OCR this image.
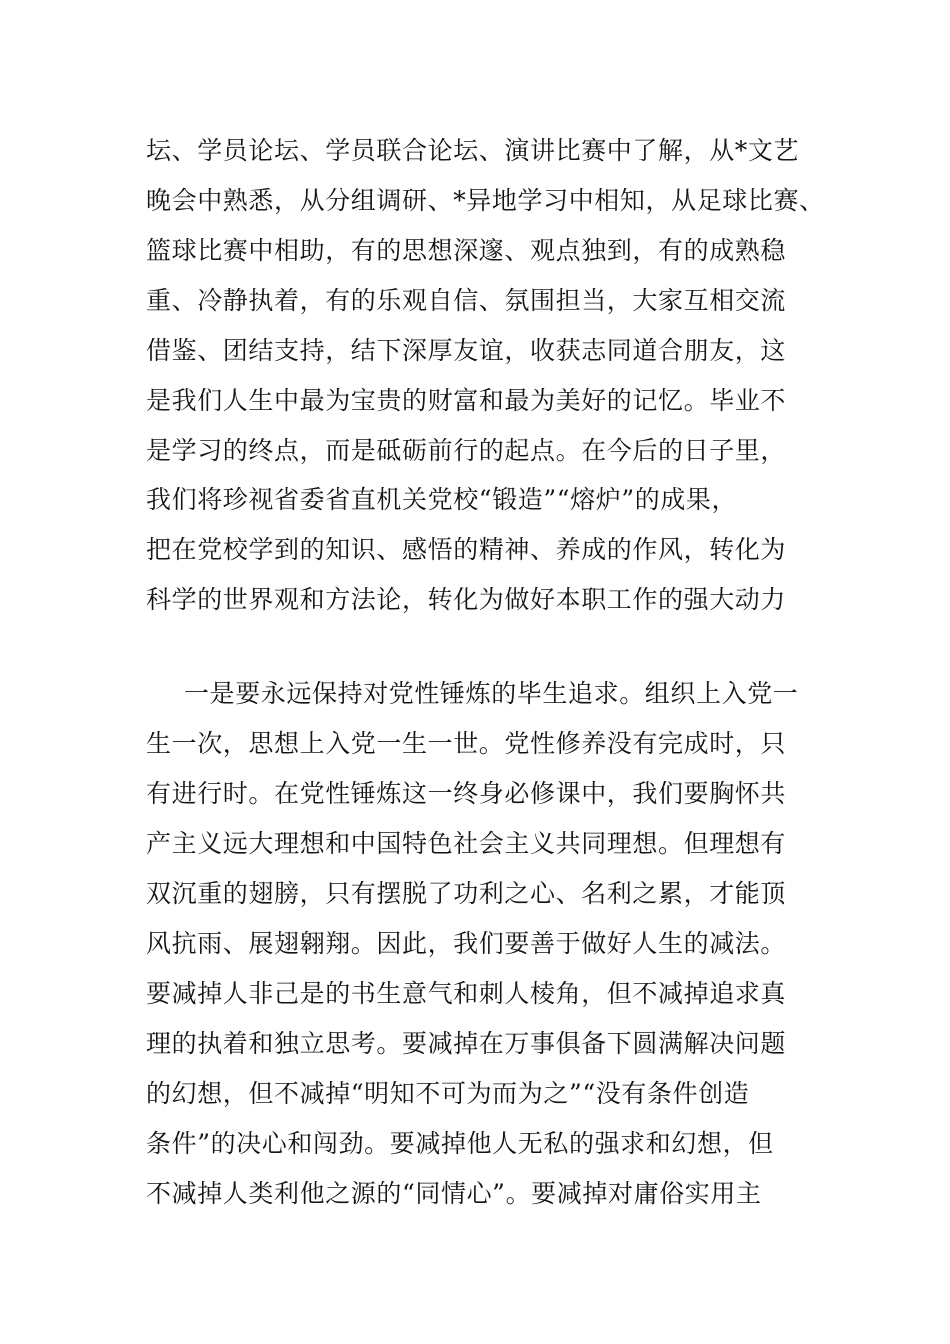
坛、学员论坛、学员联合论坛、演讲比赛中了解，从*文艺
晚会中熟悉，从分组调研、*异地学习中相知，从足球比赛、
篮球比赛中相助，有的思想深邃、观点独到，有的成熟稳
重、冷静执着，有的乐观自信、氛围担当，大家互相交流
借鉴、团结支持，结下深厚友谊，收获志同道合朋友，这
是我们人生中最为宝贵的财富和最为美好的记忆。毕业不
是学习的终点，而是砥砺前行的起点。在今后的日子里，
我们将珍视省委省直机关党校“锻造”“熔炉”的成果，
把在党校学到的知识、感悟的精神、养成的作风，转化为
科学的世界观和方法论，转化为做好本职工作的强大动力
一是要永远保持对党性锤炼的毕生追求。组织上入党一
生一次，思想上入党一生一世。党性修养没有完成时，只
有进行时。在党性锤炼这一终身必修课中，我们要胸怀共
产主义远大理想和中国特色社会主义共同理想。但理想有
双沉重的翅膀，只有摆脱了功利之心、名利之累，才能顶
风抗雨、展翅翱翔。因此，我们要善于做好人生的减法。
要减掉人非己是的书生意气和刺人棱角，但不减掉追求真
理的执着和独立思考。要减掉在万事俱备下圆满解决问题
的幻想，但不减掉“明知不可为而为之”“没有条件创造
条件”的决心和闯劲。要减掉他人无私的强求和幻想，但
不减掉人类利他之源的“同情心”。要减掉对庸俗实用主
